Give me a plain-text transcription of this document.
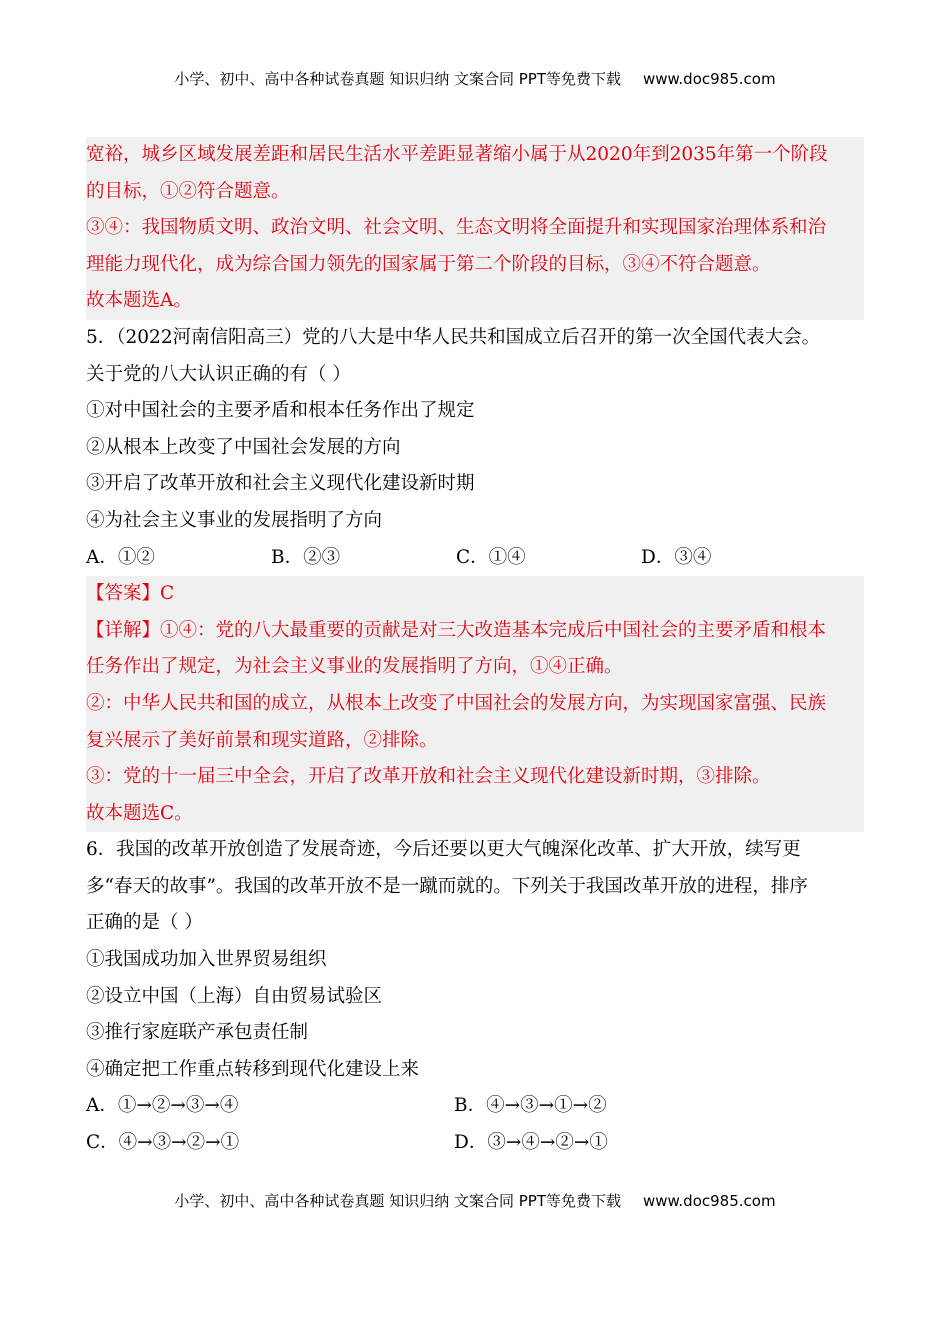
小学、初中、高中各种试卷真题 知识归纳 文案合同 PPT等免费下载 www.doc985.com
宽裕，城乡区域发展差距和居民生活水平差距显著缩小属于从2020年到2035年第一个阶段
的目标，①②符合题意。
③④：我国物质文明、政治文明、社会文明、生态文明将全面提升和实现国家治理体系和治
理能力现代化，成为综合国力领先的国家属于第二个阶段的目标，③④不符合题意。
故本题选A。
5．（2022河南信阳高三）党的八大是中华人民共和国成立后召开的第一次全国代表大会。
关于党的八大认识正确的有（ ）
①对中国社会的主要矛盾和根本任务作出了规定
②从根本上改变了中国社会发展的方向
③开启了改革开放和社会主义现代化建设新时期
④为社会主义事业的发展指明了方向
A．①②	B．②③	C．①④	D．③④
【答案】C
【详解】①④：党的八大最重要的贡献是对三大改造基本完成后中国社会的主要矛盾和根本
任务作出了规定，为社会主义事业的发展指明了方向，①④正确。
②：中华人民共和国的成立，从根本上改变了中国社会的发展方向，为实现国家富强、民族
复兴展示了美好前景和现实道路，②排除。
③：党的十一届三中全会，开启了改革开放和社会主义现代化建设新时期，③排除。
故本题选C。
6．我国的改革开放创造了发展奇迹，今后还要以更大气魄深化改革、扩大开放，续写更
多“春天的故事”。我国的改革开放不是一蹴而就的。下列关于我国改革开放的进程，排序
正确的是（ ）
①我国成功加入世界贸易组织
②设立中国（上海）自由贸易试验区
③推行家庭联产承包责任制
④确定把工作重点转移到现代化建设上来
A．①→②→③→④	B．④→③→①→②
C．④→③→②→①	D．③→④→②→①
小学、初中、高中各种试卷真题 知识归纳 文案合同 PPT等免费下载 www.doc985.com
